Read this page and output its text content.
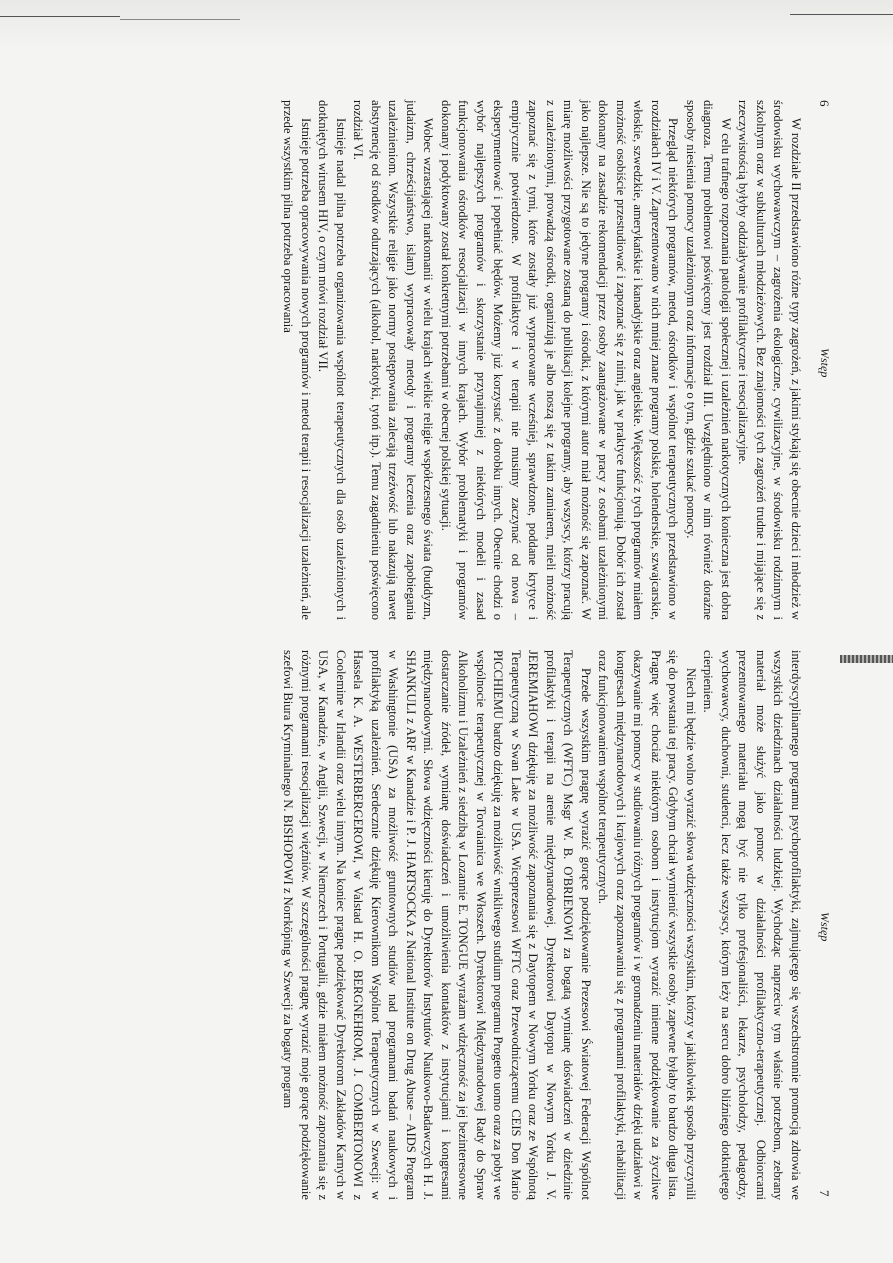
6
Wstęp

W rozdziale II przedstawiono różne typy zagrożeń, z jakimi stykają się obecnie dzieci i młodzież w środowisku wychowawczym – zagrożenia ekologiczne, cywilizacyjne, w środowisku rodzinnym i szkolnym oraz w subkulturach młodzieżowych. Bez znajomości tych zagrożeń trudne i mijające się z rzeczywistością byłyby oddziaływanie profilaktyczne i resocjalizacyjne.

W celu trafnego rozpoznania patologii społecznej i uzależnień narkotycznych konieczna jest dobra diagnoza. Temu problemowi poświęcony jest rozdział III. Uwzględniono w nim również doraźne sposoby niesienia pomocy uzależnionym oraz informacje o tym, gdzie szukać pomocy.

Przegląd niektórych programów, metod, ośrodków i wspólnot terapeutycznych przedstawiono w rozdziałach IV i V. Zaprezentowano w nich mniej znane programy polskie, holenderskie, szwajcarskie, włoskie, szwedzkie, amerykańskie i kanadyjskie oraz angielskie. Większość z tych programów miałem możność osobiście przestudiować i zapoznać się z nimi, jak w praktyce funkcjonują. Dobór ich został dokonany na zasadzie rekomendacji przez osoby zaangażowane w pracy z osobami uzależnionymi jako najlepsze. Nie są to jedyne programy i ośrodki, z którymi autor miał możność się zapoznać. W miarę możliwości przygotowane zostaną do publikacji kolejne programy, aby wszyscy, którzy pracują z uzależnionymi, prowadzą ośrodki, organizują je albo noszą się z takim zamiarem, mieli możność zapoznać się z tymi, które zostały już wypracowane wcześniej, sprawdzone, poddane krytyce i empirycznie potwierdzone. W profilaktyce i w terapii nie musimy zaczynać od nowa – eksperymentować i popełniać błędów. Możemy już korzystać z dorobku innych. Obecnie chodzi o wybór najlepszych programów i skorzystanie przynajmniej z niektórych modeli i zasad funkcjonowania ośrodków resocjalizacji w innych krajach. Wybór problematyki i programów dokonany i podyktowany został konkretnymi potrzebami w obecnej polskiej sytuacji.

Wobec wzrastającej narkomanii w wielu krajach wielkie religie współczesnego świata (buddyzm, judaizm, chrześcijaństwo, islam) wypracowały metody i programy leczenia oraz zapobiegania uzależnieniom. Wszystkie religie jako normy postępowania zalecają trzeźwość lub nakazują nawet abstynencję od środków odurzających (alkohol, narkotyki, tytoń itp.). Temu zagadnieniu poświęcono rozdział VI.

Istnieje nadal pilna potrzeba organizowania wspólnot terapeutycznych dla osób uzależnionych i dotkniętych wirusem HIV, o czym mówi rozdział VII.

Istnieje potrzeba opracowywania nowych programów i metod terapii i resocjalizacji uzależnień, ale przede wszystkim pilna potrzeba opracowania

Wstęp
7

interdyscyplinarnego programu psychoprofilaktyki, zajmującego się wszechstronnie promocją zdrowia we wszystkich dziedzinach działalności ludzkiej. Wychodząc naprzeciw tym właśnie potrzebom, zebrany materiał może służyć jako pomoc w działalności profilaktyczno-terapeutycznej. Odbiorcami prezentowanego materiału mogą być nie tylko profesjonaliści, lekarze, psycholodzy, pedagodzy, wychowawcy, duchowni, studenci, lecz także wszyscy, którym leży na sercu dobro bliźniego dotkniętego cierpieniem.

Niech mi będzie wolno wyrazić słowa wdzięczności wszystkim, którzy w jakikolwiek sposób przyczynili się do powstania tej pracy. Gdybym chciał wymienić wszystkie osoby, zapewne byłaby to bardzo długa lista. Pragnę więc chociaż niektórym osobom i instytucjom wyrazić imienne podziękowanie za życzliwe okazywanie mi pomocy w studiowaniu różnych programów i w gromadzeniu materiałów dzięki udziałowi w kongresach międzynarodowych i krajowych oraz zapoznawaniu się z programami profilaktyki, rehabilitacji oraz funkcjonowaniem wspólnot terapeutycznych.

Przede wszystkim pragnę wyrazić gorące podziękowanie Prezesowi Światowej Federacji Wspólnot Terapeutycznych (WFTC) Msgr W. B. O'BRIENOWI za bogatą wymianę doświadczeń w dziedzinie profilaktyki i terapii na arenie międzynarodowej. Dyrektorowi Daytopu w Nowym Yorku J. V. JEREMIAHOWI dziękuję za możliwość zapoznania się z Daytopem w Nowym Yorku oraz ze Wspólnotą Terapeutyczną w Swan Lake w USA. Wiceprezesowi WFTC oraz Przewodniczącemu CEIS Don Mario PICCHIEMU bardzo dziękuję za możliwość wnikliwego studium programu Progetto uomo oraz za pobyt we wspólnocie terapeutycznej w Torvaianica we Włoszech. Dyrektorowi Międzynarodowej Rady do Spraw Alkoholizmu i Uzależnień z siedzibą w Lozannie E. TONGUE wyrażam wdzięczność za jej bezinteresowne dostarczanie źródeł, wymianę doświadczeń i umożliwienia kontaktów z instytucjami i kongresami międzynarodowymi. Słowa wdzięczności kieruję do Dyrektorów Instytutów Naukowo-Badawczych H. J. SHANKULI z ARF w Kanadzie i P. J. HARTSOCKA z National Institute on Drug Abuse – AIDS Program w Washingtonie (USA) za możliwość gruntownych studiów nad programami badań naukowych i profilaktyką uzależnień. Serdecznie dziękuję Kierownikom Wspólnot Terapeutycznych w Szwecji: w Hassela K. A. WESTERBERGEROWI, w Valstad H. O. BERGNEHROM, J. COMBERTONOWI z Coolemine w Irlandii oraz wielu innym. Na koniec pragnę podziękować Dyrektorom Zakładów Karnych w USA, w Kanadzie, w Anglii, Szwecji, w Niemczech i Portugalii, gdzie miałem możność zapoznania się z różnymi programami resocjalizacji więźniów. W szczególności pragnę wyrazić moje gorące podziękowanie szefowi Biura Kryminalnego N. BISHOPOWI z Norrköping w Szwecji za bogaty program
